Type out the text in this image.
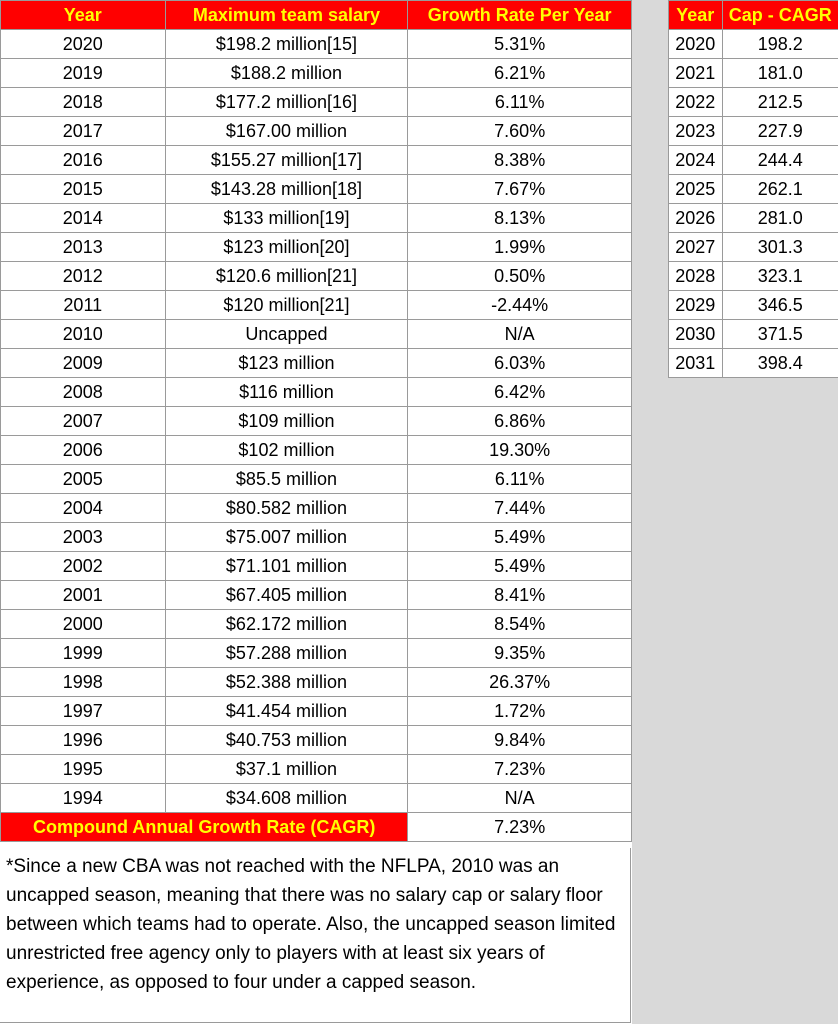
Year	Maximum team salary	Growth Rate Per Year
2020	$198.2 million[15]	5.31%
2019	$188.2 million	6.21%
2018	$177.2 million[16]	6.11%
2017	$167.00 million	7.60%
2016	$155.27 million[17]	8.38%
2015	$143.28 million[18]	7.67%
2014	$133 million[19]	8.13%
2013	$123 million[20]	1.99%
2012	$120.6 million[21]	0.50%
2011	$120 million[21]	-2.44%
2010	Uncapped	N/A
2009	$123 million	6.03%
2008	$116 million	6.42%
2007	$109 million	6.86%
2006	$102 million	19.30%
2005	$85.5 million	6.11%
2004	$80.582 million	7.44%
2003	$75.007 million	5.49%
2002	$71.101 million	5.49%
2001	$67.405 million	8.41%
2000	$62.172 million	8.54%
1999	$57.288 million	9.35%
1998	$52.388 million	26.37%
1997	$41.454 million	1.72%
1996	$40.753 million	9.84%
1995	$37.1 million	7.23%
1994	$34.608 million	N/A
Compound Annual Growth Rate (CAGR)		7.23%

*Since a new CBA was not reached with the NFLPA, 2010 was an uncapped season, meaning that there was no salary cap or salary floor between which teams had to operate. Also, the uncapped season limited unrestricted free agency only to players with at least six years of experience, as opposed to four under a capped season.

Year	Cap - CAGR
2020	198.2
2021	181.0
2022	212.5
2023	227.9
2024	244.4
2025	262.1
2026	281.0
2027	301.3
2028	323.1
2029	346.5
2030	371.5
2031	398.4
